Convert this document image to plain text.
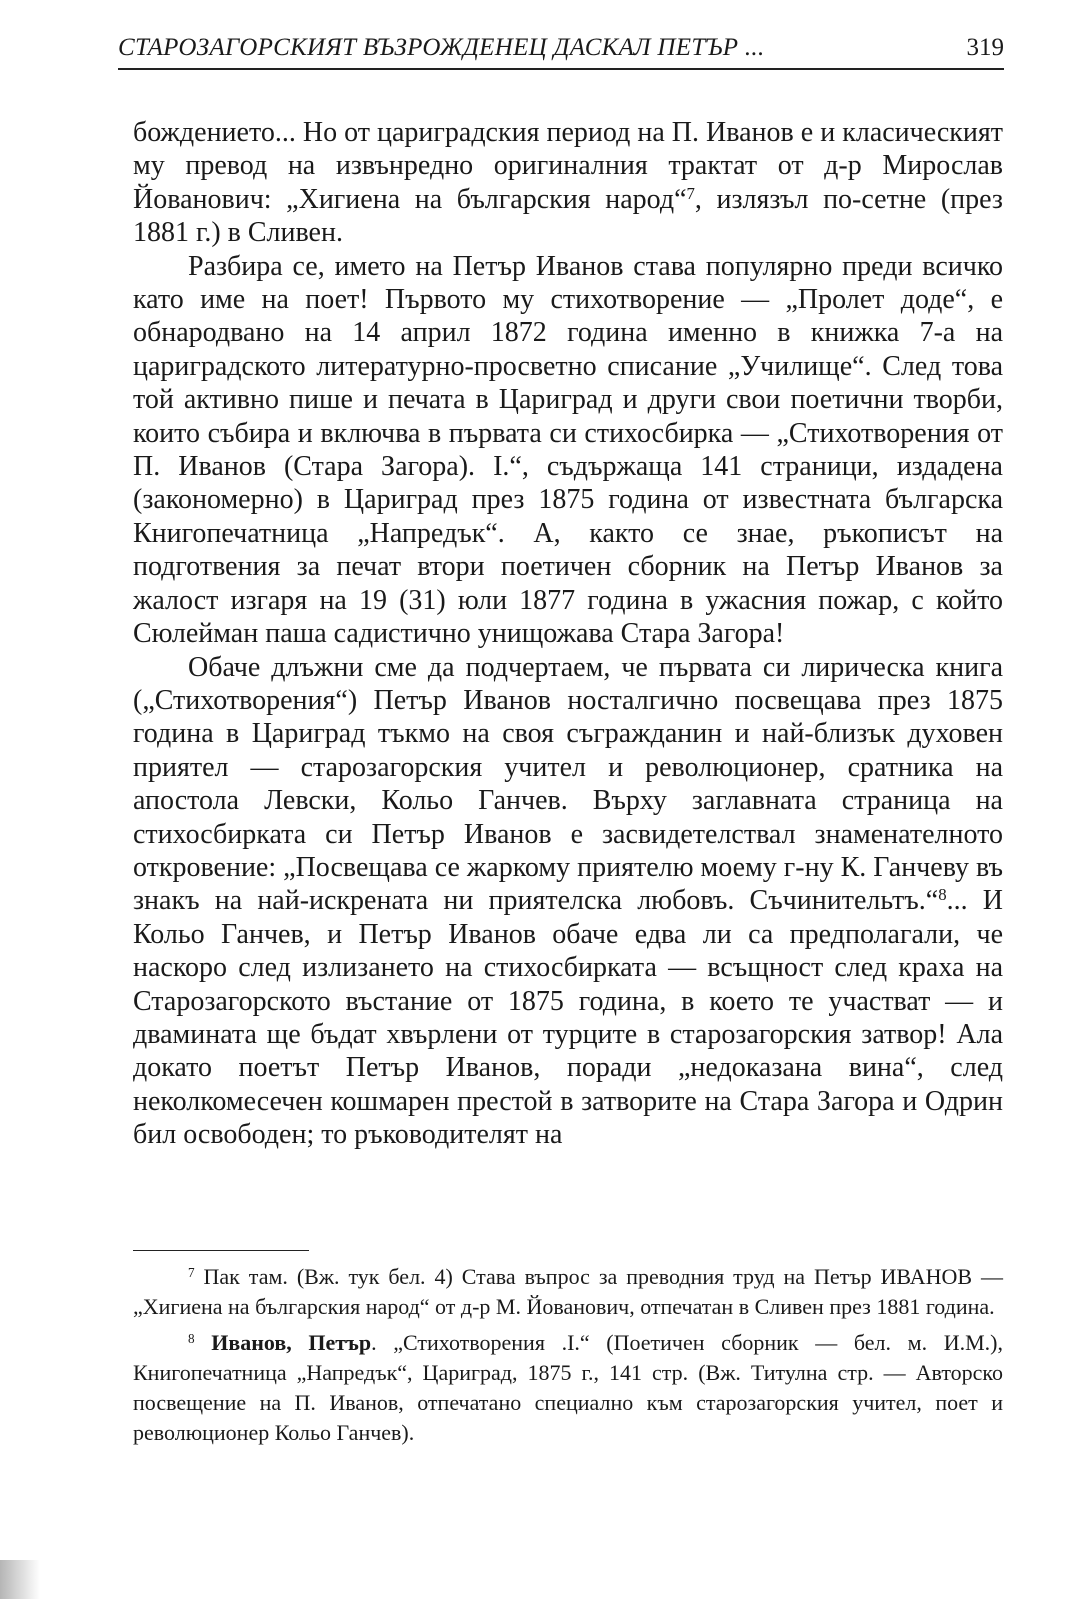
СТАРОЗАГОРСКИЯТ ВЪЗРОЖДЕНЕЦ ДАСКАЛ ПЕТЪР ...	319

бождението... Но от цариградския период на П. Иванов е и класическият му превод на извънредно оригиналния трактат от д-р Мирослав Йованович: „Хигиена на българския народ“$^7$, излязъл по-сетне (през 1881 г.) в Сливен.

Разбира се, името на Петър Иванов става популярно преди всичко като име на поет! Първото му стихотворение — „Пролет доде“, е обнародвано на 14 април 1872 година именно в книжка 7-а на цариградското литературно-просветно списание „Училище“. След това той активно пише и печата в Цариград и други свои поетични творби, които събира и включва в първата си стихосбирка — „Стихотворения от П. Иванов (Стара Загора). І.“, съдържаща 141 страници, издадена (закономерно) в Цариград през 1875 година от известната българска Книгопечатница „Напредък“. А, както се знае, ръкописът на подготвения за печат втори поетичен сборник на Петър Иванов за жалост изгаря на 19 (31) юли 1877 година в ужасния пожар, с който Сюлейман паша садистично унищожава Стара Загора!

Обаче длъжни сме да подчертаем, че първата си лирическа книга („Стихотворения“) Петър Иванов носталгично посвещава през 1875 година в Цариград тъкмо на своя съгражданин и най-близък духовен приятел — старозагорския учител и революционер, сратника на апостола Левски, Кольо Ганчев. Върху заглавната страница на стихосбирката си Петър Иванов е засвидетелствал знаменателното откровение: „Посвещава се жаркому приятелю моему г-ну К. Ганчеву въ знакъ на най-искрената ни приятелска любовъ. Съчинительтъ.“$^8$... И Кольо Ганчев, и Петър Иванов обаче едва ли са предполагали, че наскоро след излизането на стихосбирката — всъщност след краха на Старозагорското въстание от 1875 година, в което те участват — и двамината ще бъдат хвърлени от турците в старозагорския затвор! Ала докато поетът Петър Иванов, поради „недоказана вина“, след неколкомесечен кошмарен престой в затворите на Стара Загора и Одрин бил освободен; то ръководителят на

$^7$ Пак там. (Вж. тук бел. 4) Става въпрос за преводния труд на Петър ИВАНОВ — „Хигиена на българския народ“ от д-р М. Йованович, отпечатан в Сливен през 1881 година.

$^8$ Иванов, Петър. „Стихотворения .І.“ (Поетичен сборник — бел. м. И.М.), Книгопечатница „Напредък“, Цариград, 1875 г., 141 стр. (Вж. Титулна стр. — Авторско посвещение на П. Иванов, отпечатано специално към старозагорския учител, поет и революционер Кольо Ганчев).
